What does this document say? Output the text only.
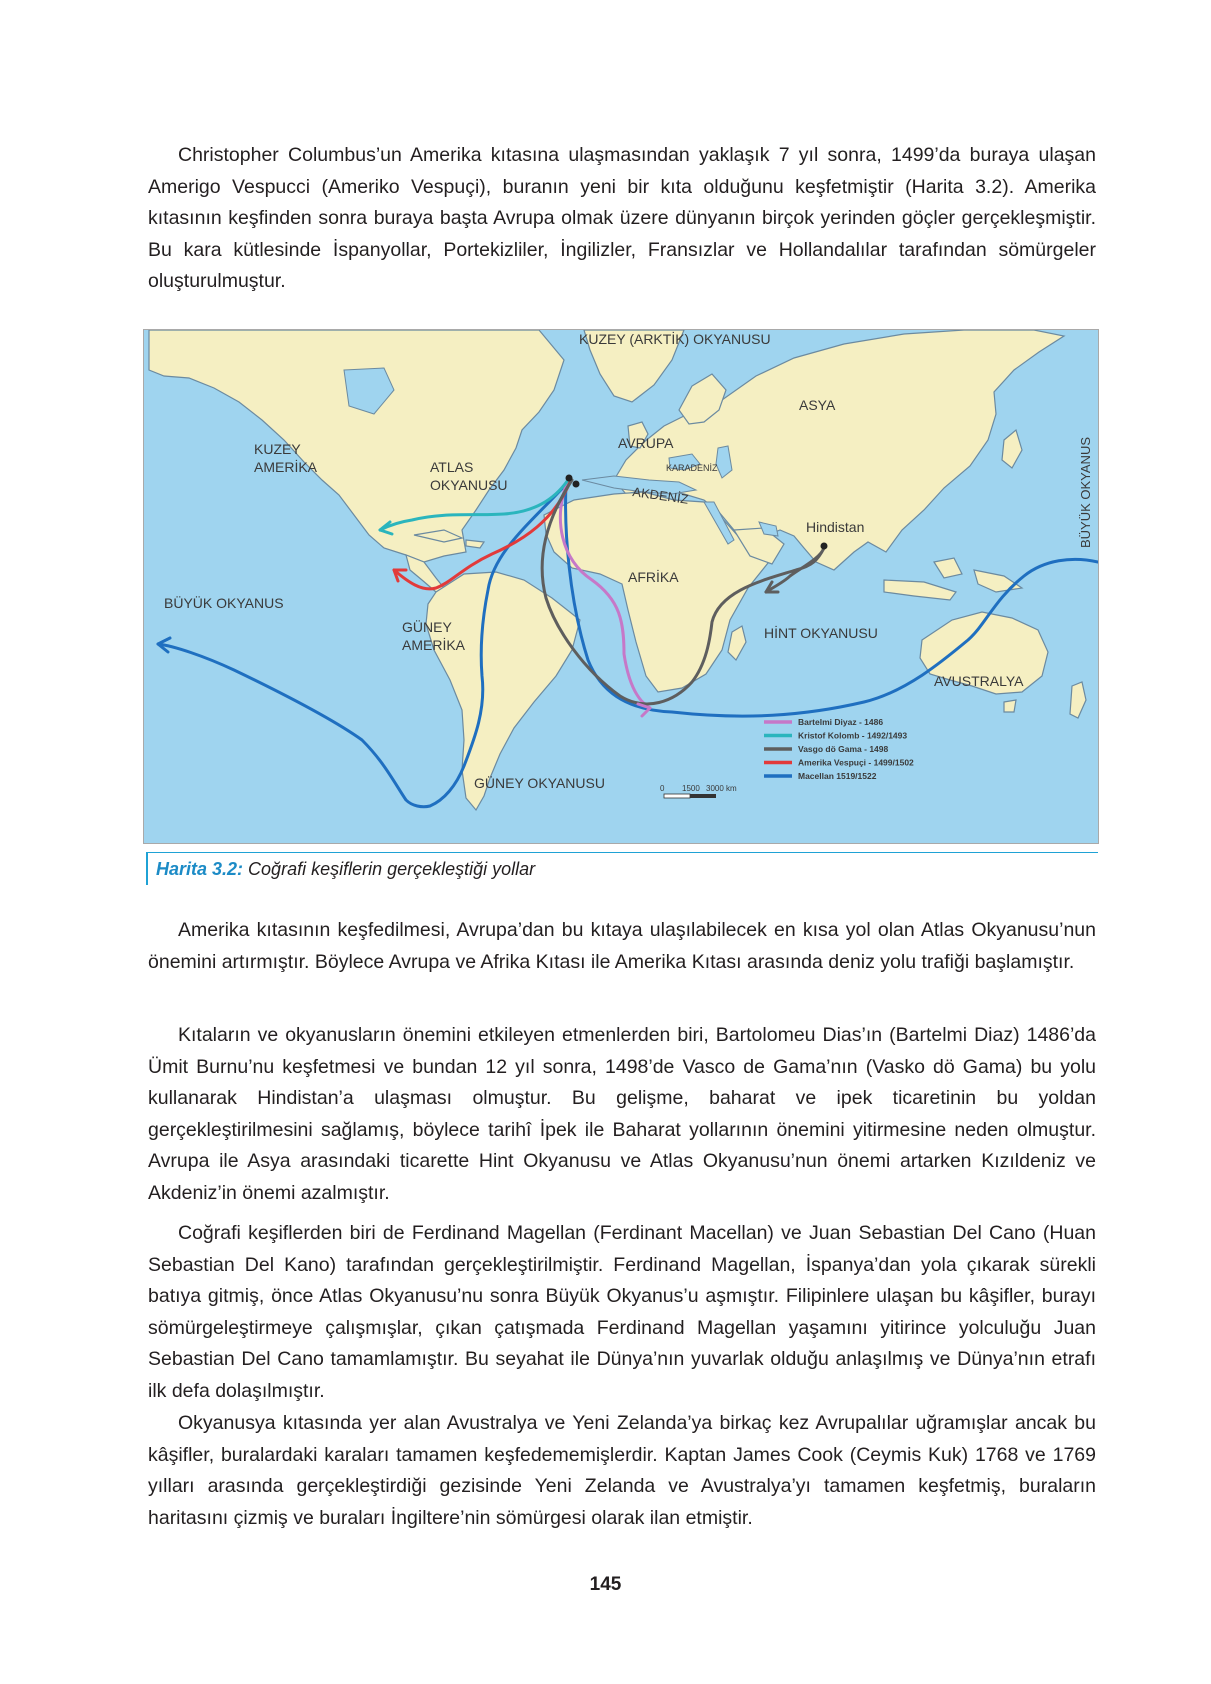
Christopher Columbus’un Amerika kıtasına ulaşmasından yaklaşık 7 yıl sonra, 1499’da buraya ulaşan Amerigo Vespucci (Ameriko Vespuçi), buranın yeni bir kıta olduğunu keşfetmiştir (Harita 3.2). Amerika kıtasının keşfinden sonra buraya başta Avrupa olmak üzere dünyanın birçok yerinden göçler gerçekleşmiştir. Bu kara kütlesinde İspanyollar, Portekizliler, İngilizler, Fransızlar ve Hollandalılar tarafından sömürgeler oluşturulmuştur.

KUZEY (ARKTİK) OKYANUSU
ASYA
KUZEY
AMERİKA	ATLAS
OKYANUSU
AVRUPA
KARADENİZ
AKDENİZ	BÜYÜK OKYANUS
Hindistan
AFRİKA
BÜYÜK OKYANUS
GÜNEY
AMERİKA
HİNT OKYANUSU
AVUSTRALYA
GÜNEY OKYANUSU	0 1500 3000 km
Bartelmi Diyaz - 1486
Kristof Kolomb - 1492/1493
Vasgo dö Gama - 1498
Amerika Vespuçi - 1499/1502
Macellan 1519/1522
Harita 3.2: Coğrafi keşiflerin gerçekleştiği yollar

Amerika kıtasının keşfedilmesi, Avrupa’dan bu kıtaya ulaşılabilecek en kısa yol olan Atlas Okyanusu’nun önemini artırmıştır. Böylece Avrupa ve Afrika Kıtası ile Amerika Kıtası arasında deniz yolu trafiği başlamıştır.

Kıtaların ve okyanusların önemini etkileyen etmenlerden biri, Bartolomeu Dias’ın (Bartelmi Diaz) 1486’da Ümit Burnu’nu keşfetmesi ve bundan 12 yıl sonra, 1498’de Vasco de Gama’nın (Vasko dö Gama) bu yolu kullanarak Hindistan’a ulaşması olmuştur. Bu gelişme, baharat ve ipek ticaretinin bu yoldan gerçekleştirilmesini sağlamış, böylece tarihî İpek ile Baharat yollarının önemini yitirmesine neden olmuştur. Avrupa ile Asya arasındaki ticarette Hint Okyanusu ve Atlas Okyanusu’nun önemi artarken Kızıldeniz ve Akdeniz’in önemi azalmıştır.

Coğrafi keşiflerden biri de Ferdinand Magellan (Ferdinant Macellan) ve Juan Sebastian Del Cano (Huan Sebastian Del Kano) tarafından gerçekleştirilmiştir. Ferdinand Magellan, İspanya’dan yola çıkarak sürekli batıya gitmiş, önce Atlas Okyanusu’nu sonra Büyük Okyanus’u aşmıştır. Filipinlere ulaşan bu kâşifler, burayı sömürgeleştirmeye çalışmışlar, çıkan çatışmada Ferdinand Magellan yaşamını yitirince yolculuğu Juan Sebastian Del Cano tamamlamıştır. Bu seyahat ile Dünya’nın yuvarlak olduğu anlaşılmış ve Dünya’nın etrafı ilk defa dolaşılmıştır.

Okyanusya kıtasında yer alan Avustralya ve Yeni Zelanda’ya birkaç kez Avrupalılar uğramışlar ancak bu kâşifler, buralardaki karaları tamamen keşfedememişlerdir. Kaptan James Cook (Ceymis Kuk) 1768 ve 1769 yılları arasında gerçekleştirdiği gezisinde Yeni Zelanda ve Avustralya’yı tamamen keşfetmiş, buraların haritasını çizmiş ve buraları İngiltere’nin sömürgesi olarak ilan etmiştir.

145
